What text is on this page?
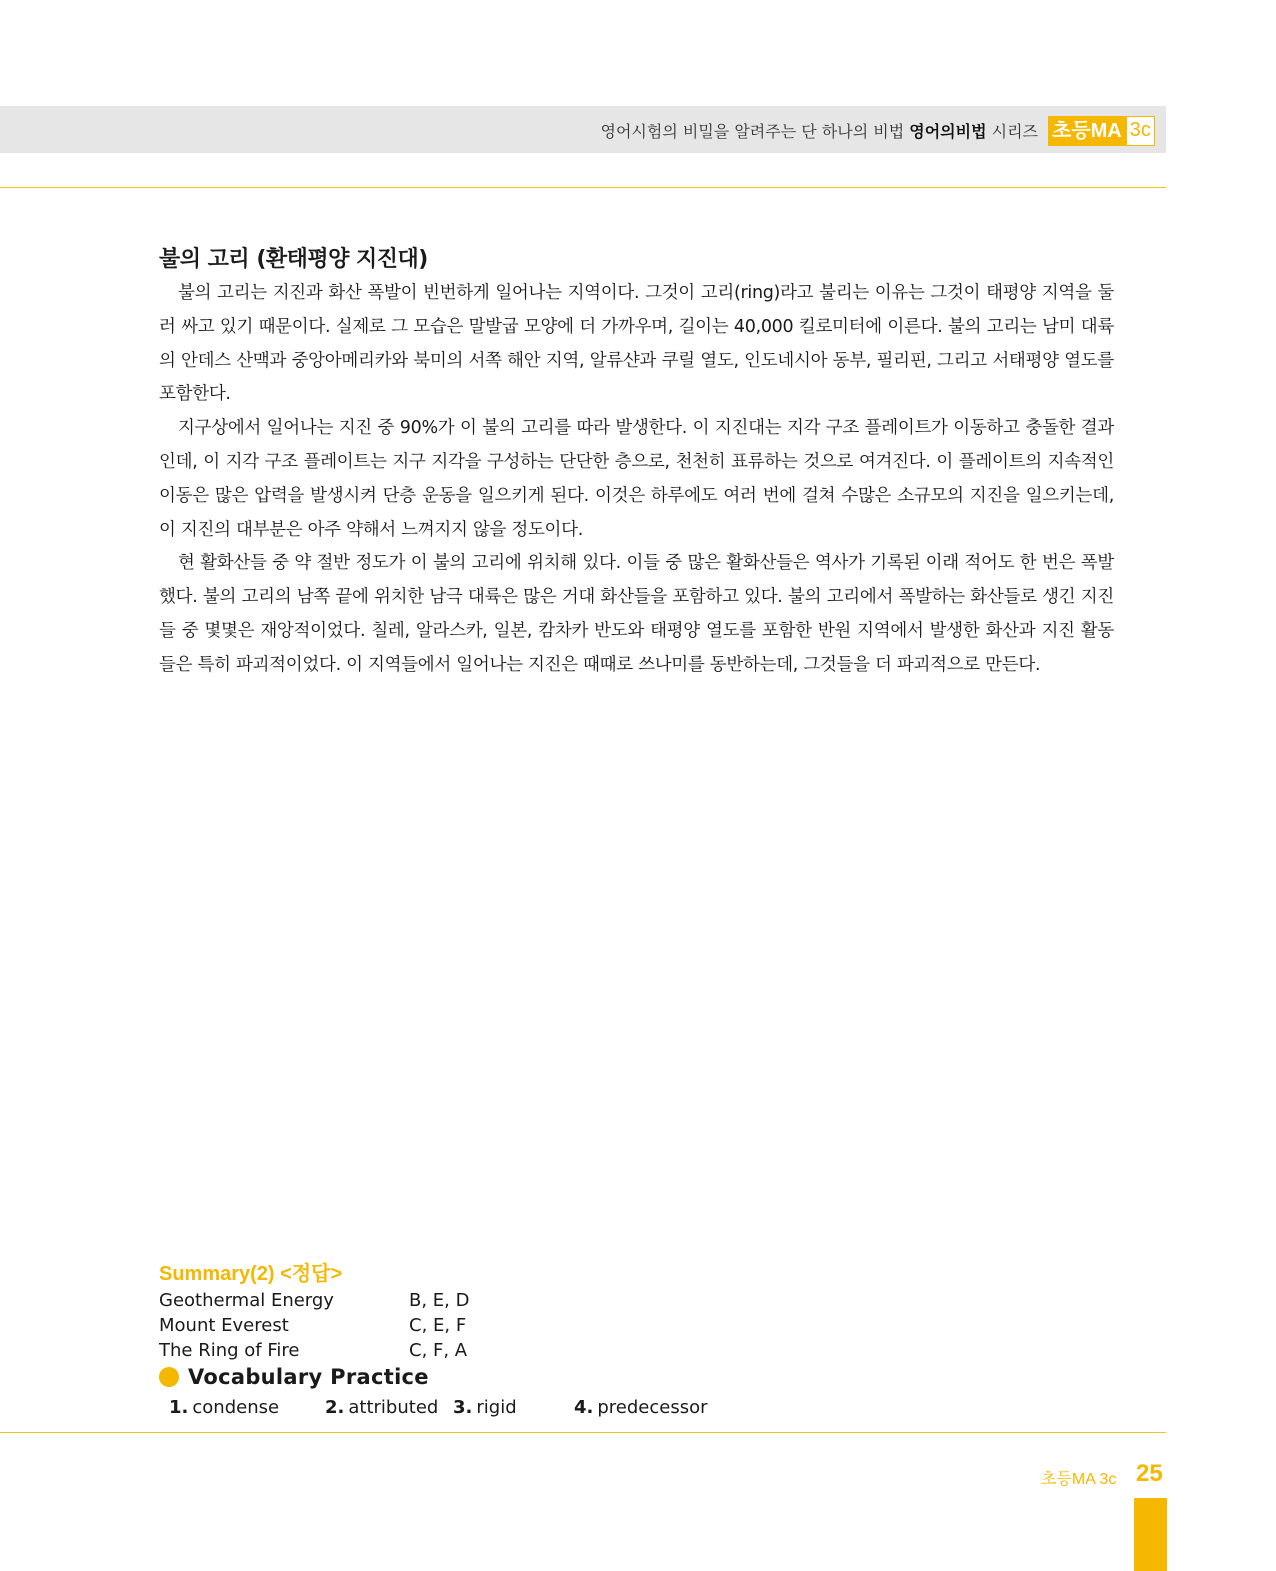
영어시험의 비밀을 알려주는 단 하나의 비법 영어의비법 시리즈 초등MA 3c
불의 고리 (환태평양 지진대)

불의 고리는 지진과 화산 폭발이 빈번하게 일어나는 지역이다. 그것이 고리(ring)라고 불리는 이유는 그것이 태평양 지역을 둘러 싸고 있기 때문이다. 실제로 그 모습은 말발굽 모양에 더 가까우며, 길이는 40,000 킬로미터에 이른다. 불의 고리는 남미 대륙의 안데스 산맥과 중앙아메리카와 북미의 서쪽 해안 지역, 알류샨과 쿠릴 열도, 인도네시아 동부, 필리핀, 그리고 서태평양 열도를 포함한다.

지구상에서 일어나는 지진 중 90%가 이 불의 고리를 따라 발생한다. 이 지진대는 지각 구조 플레이트가 이동하고 충돌한 결과인데, 이 지각 구조 플레이트는 지구 지각을 구성하는 단단한 층으로, 천천히 표류하는 것으로 여겨진다. 이 플레이트의 지속적인 이동은 많은 압력을 발생시켜 단층 운동을 일으키게 된다. 이것은 하루에도 여러 번에 걸쳐 수많은 소규모의 지진을 일으키는데, 이 지진의 대부분은 아주 약해서 느껴지지 않을 정도이다.

현 활화산들 중 약 절반 정도가 이 불의 고리에 위치해 있다. 이들 중 많은 활화산들은 역사가 기록된 이래 적어도 한 번은 폭발했다. 불의 고리의 남쪽 끝에 위치한 남극 대륙은 많은 거대 화산들을 포함하고 있다. 불의 고리에서 폭발하는 화산들로 생긴 지진들 중 몇몇은 재앙적이었다. 칠레, 알라스카, 일본, 캄차카 반도와 태평양 열도를 포함한 반원 지역에서 발생한 화산과 지진 활동들은 특히 파괴적이었다. 이 지역들에서 일어나는 지진은 때때로 쓰나미를 동반하는데, 그것들을 더 파괴적으로 만든다.

Summary(2) <정답>
Geothermal Energy	B, E, D
Mount Everest	C, E, F
The Ring of Fire	C, F, A
Vocabulary Practice
1. condense	2. attributed 3. rigid	4. predecessor
초등MA 3c 25
